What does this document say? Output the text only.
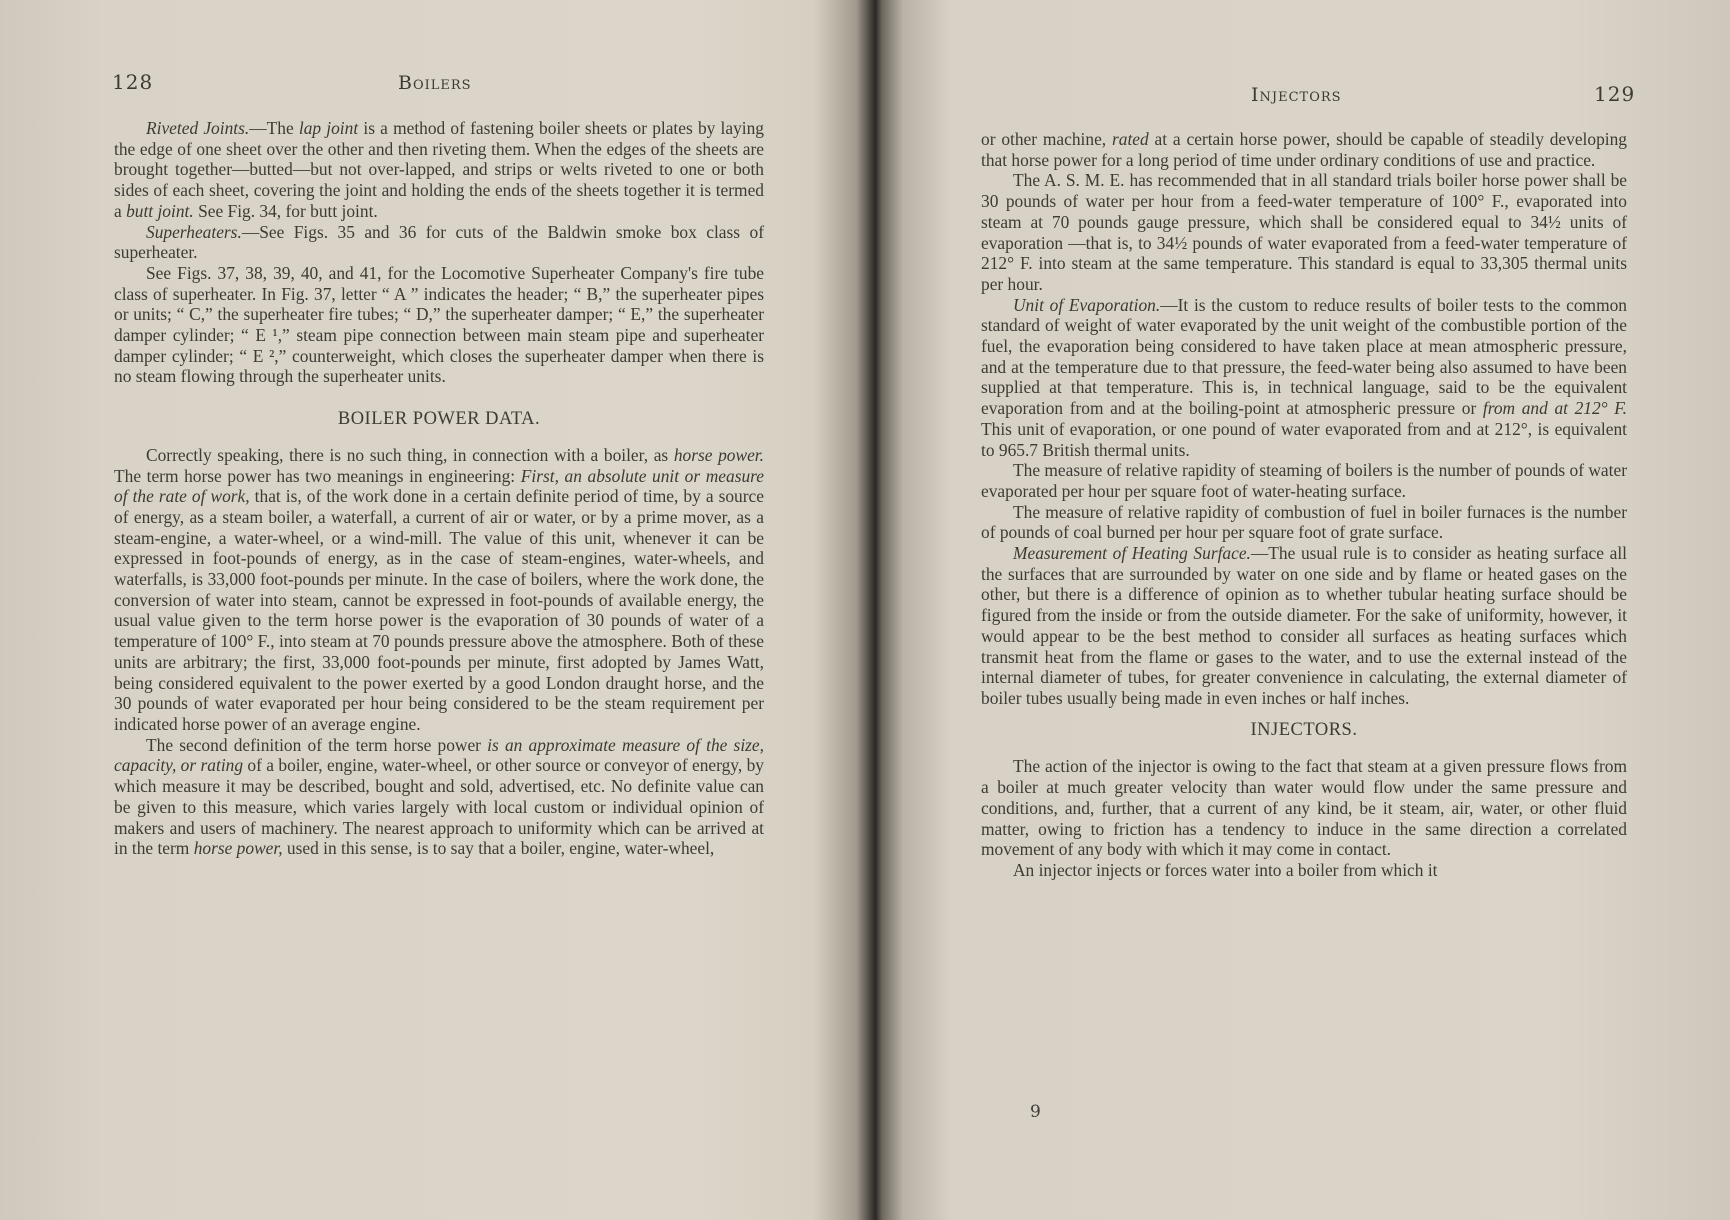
128	Boilers

Riveted Joints.—The lap joint is a method of fastening boiler sheets or plates by laying the edge of one sheet over the other and then riveting them. When the edges of the sheets are brought together—butted—but not over-lapped, and strips or welts riveted to one or both sides of each sheet, covering the joint and holding the ends of the sheets together it is termed a butt joint. See Fig. 34, for butt joint.

Superheaters.—See Figs. 35 and 36 for cuts of the Baldwin smoke box class of superheater.

See Figs. 37, 38, 39, 40, and 41, for the Locomotive Superheater Company's fire tube class of superheater. In Fig. 37, letter “ A ” indicates the header; “ B,” the superheater pipes or units; “ C,” the superheater fire tubes; “ D,” the superheater damper; “ E,” the superheater damper cylinder; “ E ¹,” steam pipe connection between main steam pipe and superheater damper cylinder; “ E ²,” counterweight, which closes the superheater damper when there is no steam flowing through the superheater units.

BOILER POWER DATA.

Correctly speaking, there is no such thing, in connection with a boiler, as horse power. The term horse power has two meanings in engineering: First, an absolute unit or measure of the rate of work, that is, of the work done in a certain definite period of time, by a source of energy, as a steam boiler, a waterfall, a current of air or water, or by a prime mover, as a steam-engine, a water-wheel, or a wind-mill. The value of this unit, whenever it can be expressed in foot-pounds of energy, as in the case of steam-engines, water-wheels, and waterfalls, is 33,000 foot-pounds per minute. In the case of boilers, where the work done, the conversion of water into steam, cannot be expressed in foot-pounds of available energy, the usual value given to the term horse power is the evaporation of 30 pounds of water of a temperature of 100° F., into steam at 70 pounds pressure above the atmosphere. Both of these units are arbitrary; the first, 33,000 foot-pounds per minute, first adopted by James Watt, being considered equivalent to the power exerted by a good London draught horse, and the 30 pounds of water evaporated per hour being considered to be the steam requirement per indicated horse power of an average engine.

The second definition of the term horse power is an approximate measure of the size, capacity, or rating of a boiler, engine, water-wheel, or other source or conveyor of energy, by which measure it may be described, bought and sold, advertised, etc. No definite value can be given to this measure, which varies largely with local custom or individual opinion of makers and users of machinery. The nearest approach to uniformity which can be arrived at in the term horse power, used in this sense, is to say that a boiler, engine, water-wheel,

Injectors	129

or other machine, rated at a certain horse power, should be capable of steadily developing that horse power for a long period of time under ordinary conditions of use and practice.

The A. S. M. E. has recommended that in all standard trials boiler horse power shall be 30 pounds of water per hour from a feed-water temperature of 100° F., evaporated into steam at 70 pounds gauge pressure, which shall be considered equal to 34½ units of evaporation —that is, to 34½ pounds of water evaporated from a feed-water temperature of 212° F. into steam at the same temperature. This standard is equal to 33,305 thermal units per hour.

Unit of Evaporation.—It is the custom to reduce results of boiler tests to the common standard of weight of water evaporated by the unit weight of the combustible portion of the fuel, the evaporation being considered to have taken place at mean atmospheric pressure, and at the temperature due to that pressure, the feed-water being also assumed to have been supplied at that temperature. This is, in technical language, said to be the equivalent evaporation from and at the boiling-point at atmospheric pressure or from and at 212° F. This unit of evaporation, or one pound of water evaporated from and at 212°, is equivalent to 965.7 British thermal units.

The measure of relative rapidity of steaming of boilers is the number of pounds of water evaporated per hour per square foot of water-heating surface.

The measure of relative rapidity of combustion of fuel in boiler furnaces is the number of pounds of coal burned per hour per square foot of grate surface.

Measurement of Heating Surface.—The usual rule is to consider as heating surface all the surfaces that are surrounded by water on one side and by flame or heated gases on the other, but there is a difference of opinion as to whether tubular heating surface should be figured from the inside or from the outside diameter. For the sake of uniformity, however, it would appear to be the best method to consider all surfaces as heating surfaces which transmit heat from the flame or gases to the water, and to use the external instead of the internal diameter of tubes, for greater convenience in calculating, the external diameter of boiler tubes usually being made in even inches or half inches.

INJECTORS.

The action of the injector is owing to the fact that steam at a given pressure flows from a boiler at much greater velocity than water would flow under the same pressure and conditions, and, further, that a current of any kind, be it steam, air, water, or other fluid matter, owing to friction has a tendency to induce in the same direction a correlated movement of any body with which it may come in contact.

An injector injects or forces water into a boiler from which it

9
